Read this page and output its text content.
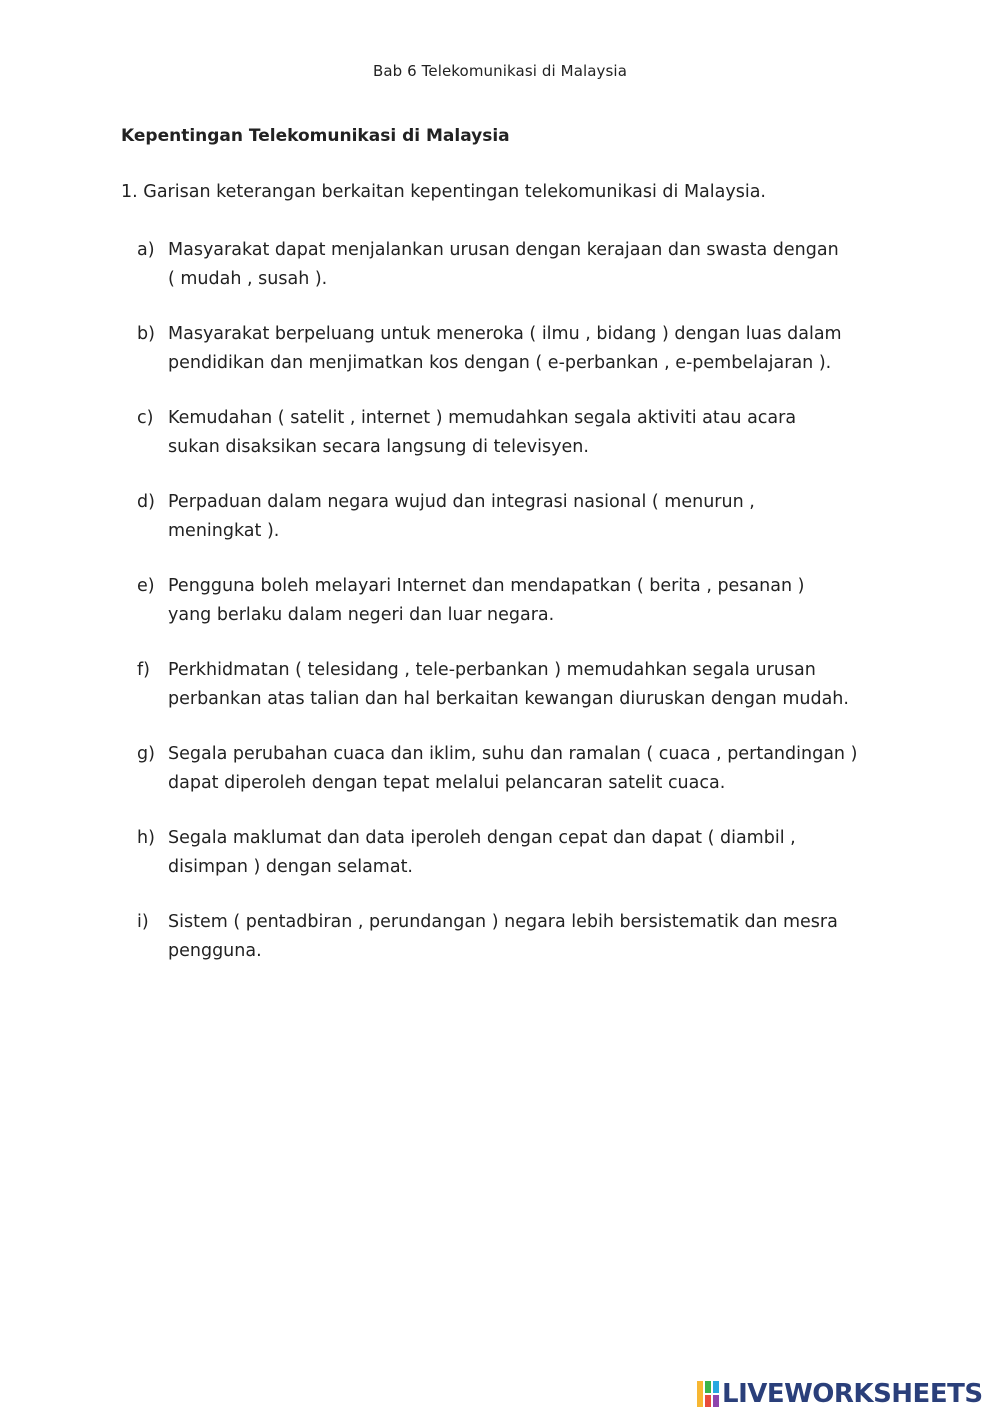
Bab 6 Telekomunikasi di Malaysia
Kepentingan Telekomunikasi di Malaysia
1. Garisan keterangan berkaitan kepentingan telekomunikasi di Malaysia.
a) Masyarakat dapat menjalankan urusan dengan kerajaan dan swasta dengan
( mudah , susah ).
b) Masyarakat berpeluang untuk meneroka ( ilmu , bidang ) dengan luas dalam
pendidikan dan menjimatkan kos dengan ( e-perbankan , e-pembelajaran ).
c) Kemudahan ( satelit , internet ) memudahkan segala aktiviti atau acara
sukan disaksikan secara langsung di televisyen.
d) Perpaduan dalam negara wujud dan integrasi nasional ( menurun ,
meningkat ).
e) Pengguna boleh melayari Internet dan mendapatkan ( berita , pesanan )
yang berlaku dalam negeri dan luar negara.
f)	Perkhidmatan ( telesidang , tele-perbankan ) memudahkan segala urusan
perbankan atas talian dan hal berkaitan kewangan diuruskan dengan mudah.
g) Segala perubahan cuaca dan iklim, suhu dan ramalan ( cuaca , pertandingan )
dapat diperoleh dengan tepat melalui pelancaran satelit cuaca.
h) Segala maklumat dan data iperoleh dengan cepat dan dapat ( diambil ,
disimpan ) dengan selamat.
i)	Sistem ( pentadbiran , perundangan ) negara lebih bersistematik dan mesra
pengguna.
LIVEWORKSHEETS
